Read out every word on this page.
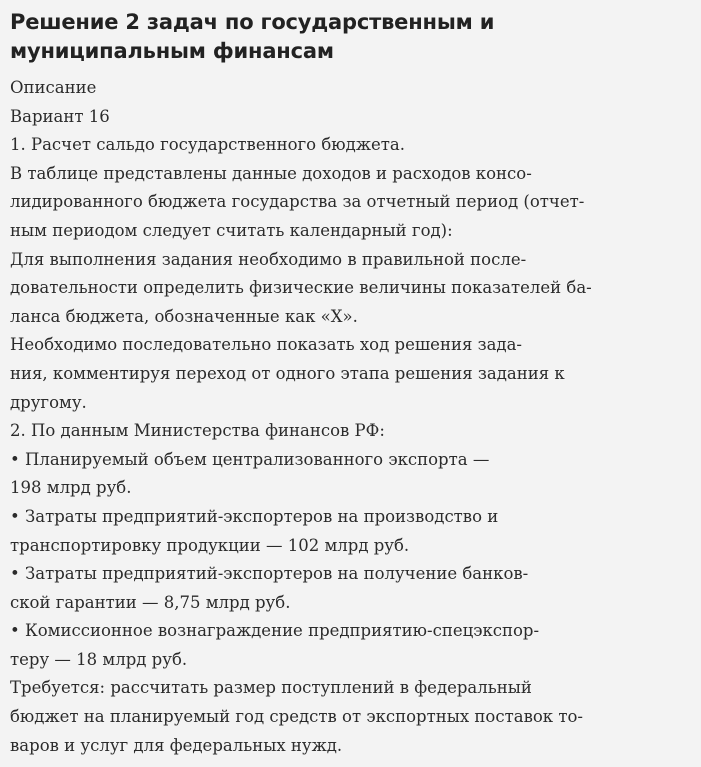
Решение 2 задач по государственным и
муниципальным финансам
Описание
Вариант 16
1. Расчет сальдо государственного бюджета.
В таблице представлены данные доходов и расходов консо-
лидированного бюджета государства за отчетный период (отчет-
ным периодом следует считать календарный год):
Для выполнения задания необходимо в правильной после-
довательности определить физические величины показателей ба-
ланса бюджета, обозначенные как «Х».
Необходимо последовательно показать ход решения зада-
ния, комментируя переход от одного этапа решения задания к
другому.
2. По данным Министерства финансов РФ:
• Планируемый объем централизованного экспорта —
198 млрд руб.
• Затраты предприятий-экспортеров на производство и
транспортировку продукции — 102 млрд руб.
• Затраты предприятий-экспортеров на получение банков-
ской гарантии — 8,75 млрд руб.
• Комиссионное вознаграждение предприятию-спецэкспор-
теру — 18 млрд руб.
Требуется: рассчитать размер поступлений в федеральный
бюджет на планируемый год средств от экспортных поставок то-
варов и услуг для федеральных нужд.
